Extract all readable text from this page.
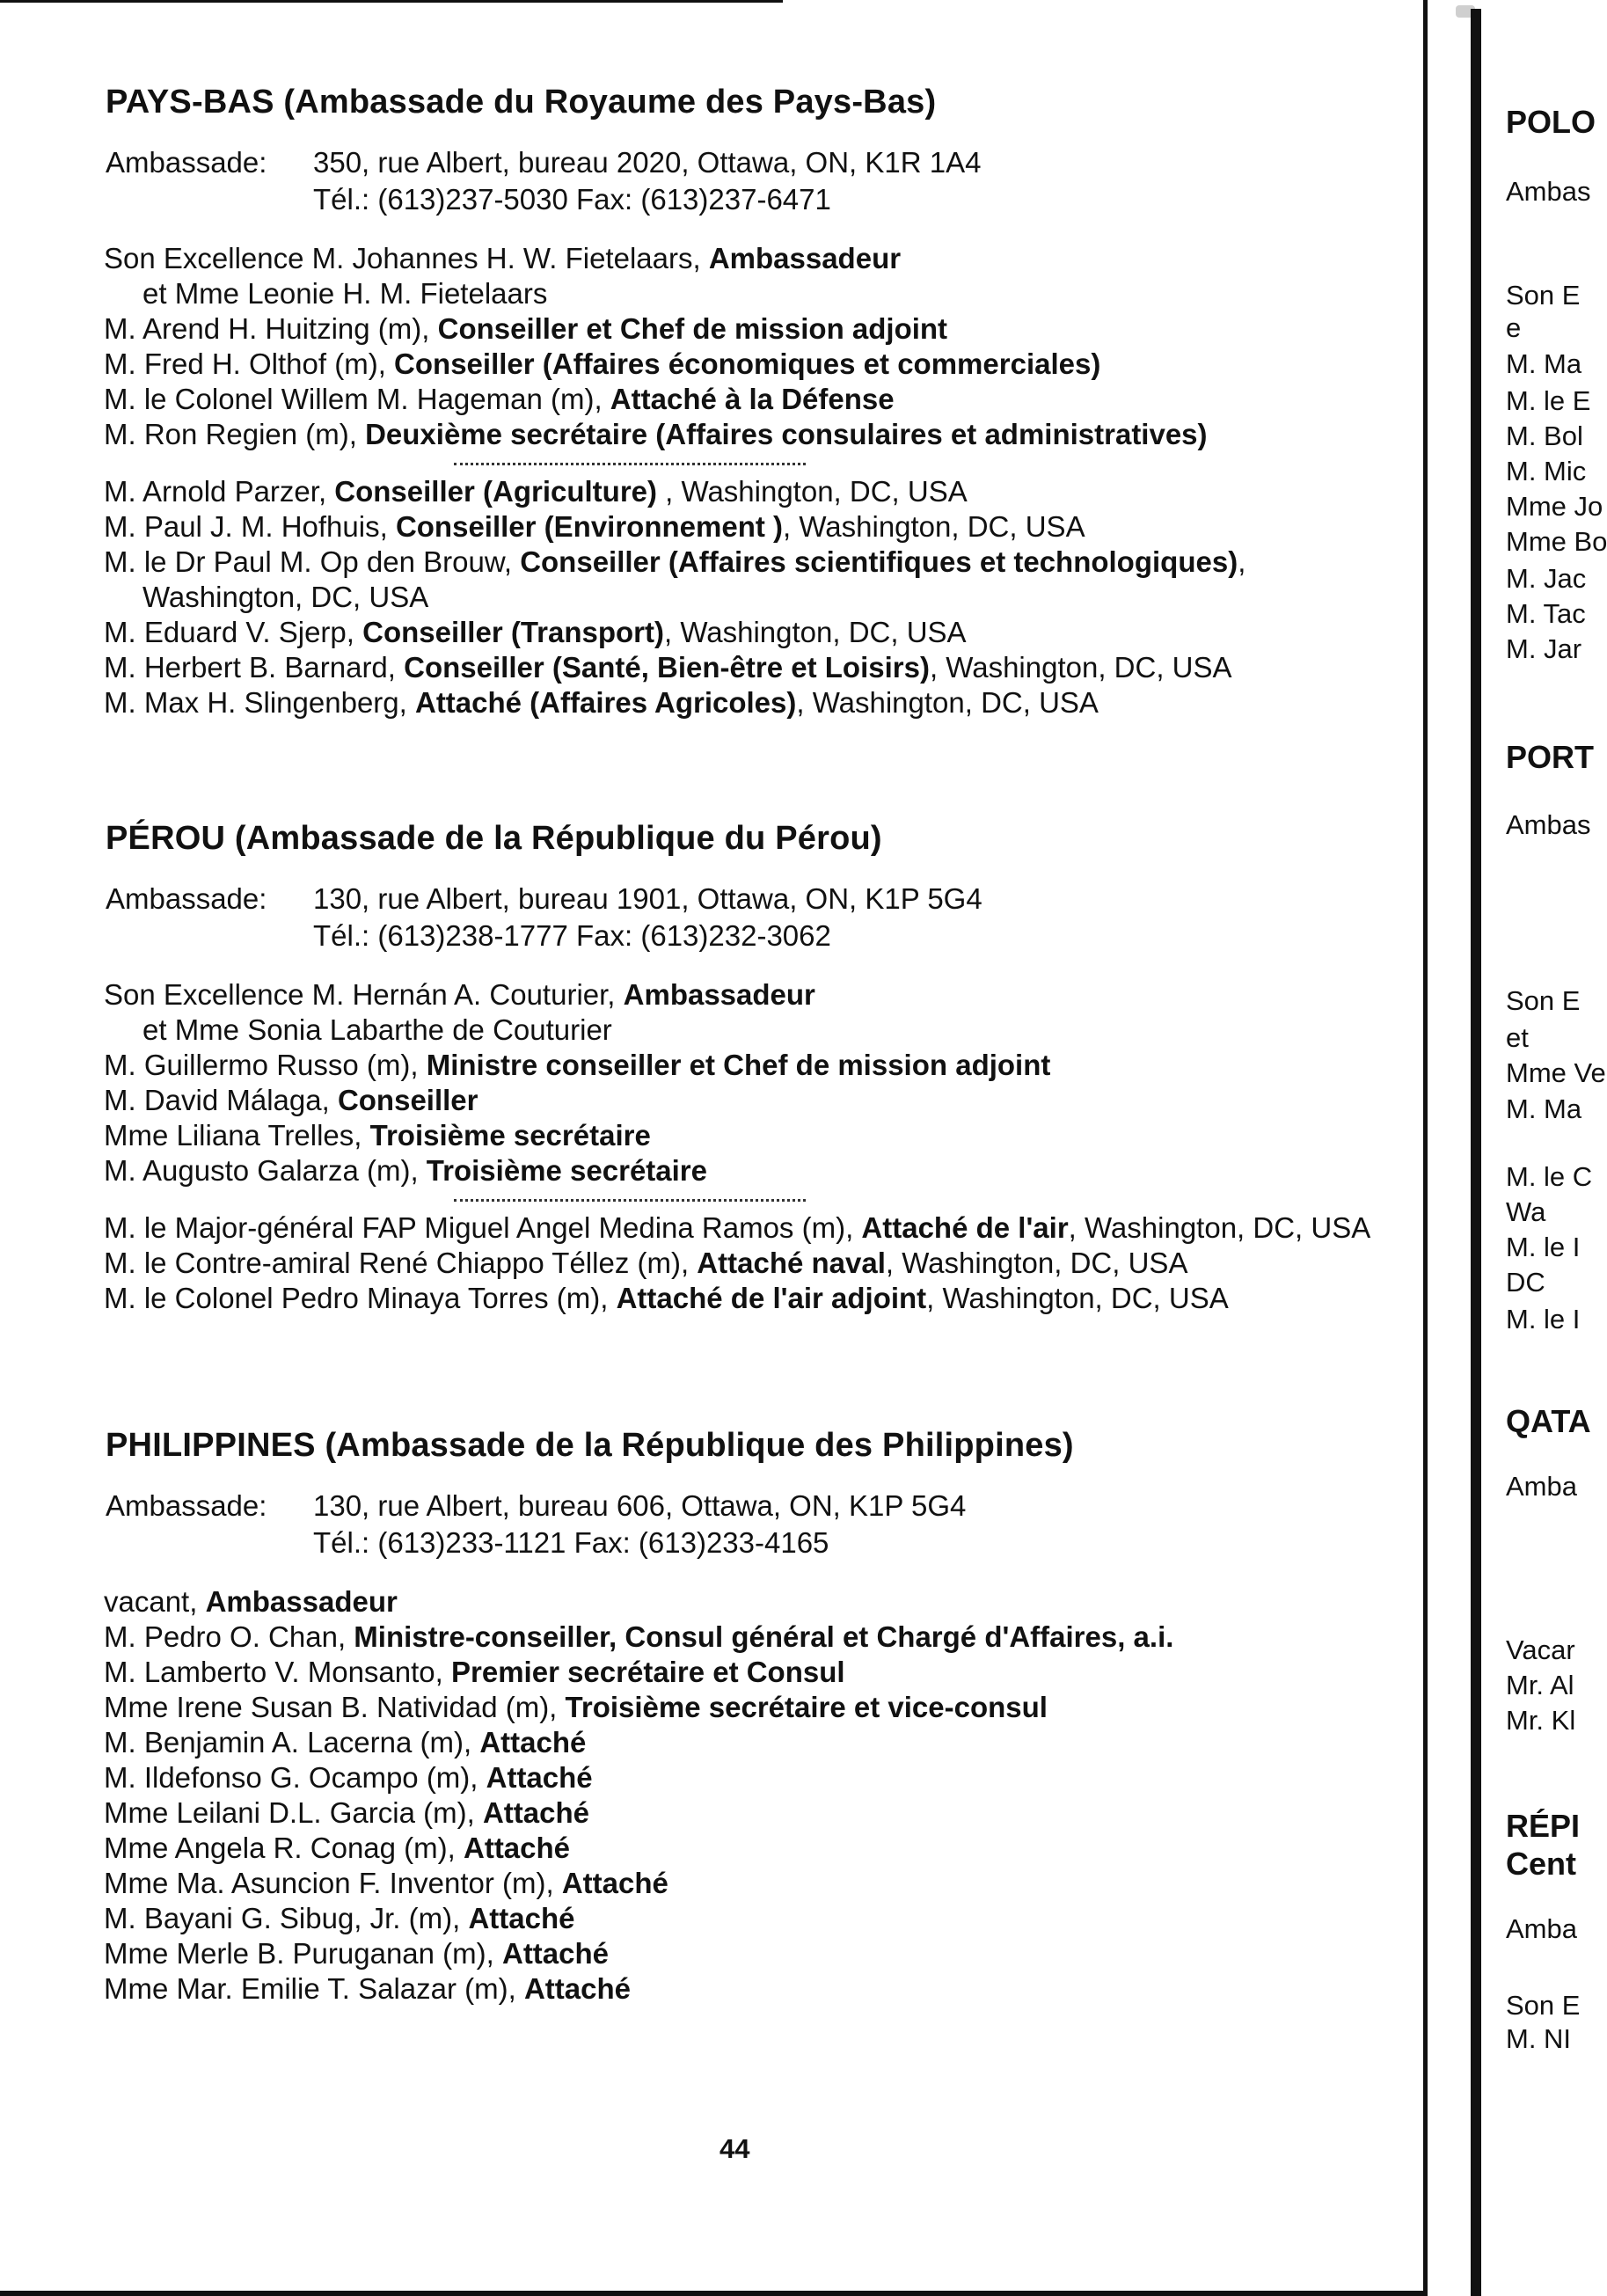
PAYS-BAS (Ambassade du Royaume des Pays-Bas)
Ambassade:	350, rue Albert, bureau 2020, Ottawa, ON, K1R 1A4
Tél.: (613)237-5030 Fax: (613)237-6471
Son Excellence M. Johannes H. W. Fietelaars, Ambassadeur
et Mme Leonie H. M. Fietelaars
M. Arend H. Huitzing (m), Conseiller et Chef de mission adjoint
M. Fred H. Olthof (m), Conseiller (Affaires économiques et commerciales)
M. le Colonel Willem M. Hageman (m), Attaché à la Défense
M. Ron Regien (m), Deuxième secrétaire (Affaires consulaires et administratives)
M. Arnold Parzer, Conseiller (Agriculture) , Washington, DC, USA
M. Paul J. M. Hofhuis, Conseiller (Environnement ), Washington, DC, USA
M. le Dr Paul M. Op den Brouw, Conseiller (Affaires scientifiques et technologiques),
Washington, DC, USA
M. Eduard V. Sjerp, Conseiller (Transport), Washington, DC, USA
M. Herbert B. Barnard, Conseiller (Santé, Bien-être et Loisirs), Washington, DC, USA
M. Max H. Slingenberg, Attaché (Affaires Agricoles), Washington, DC, USA
PÉROU (Ambassade de la République du Pérou)
Ambassade:	130, rue Albert, bureau 1901, Ottawa, ON, K1P 5G4
Tél.: (613)238-1777 Fax: (613)232-3062
Son Excellence M. Hernán A. Couturier, Ambassadeur
et Mme Sonia Labarthe de Couturier
M. Guillermo Russo (m), Ministre conseiller et Chef de mission adjoint
M. David Málaga, Conseiller
Mme Liliana Trelles, Troisième secrétaire
M. Augusto Galarza (m), Troisième secrétaire
M. le Major-général FAP Miguel Angel Medina Ramos (m), Attaché de l'air, Washington, DC, USA
M. le Contre-amiral René Chiappo Téllez (m), Attaché naval, Washington, DC, USA
M. le Colonel Pedro Minaya Torres (m), Attaché de l'air adjoint, Washington, DC, USA
PHILIPPINES (Ambassade de la République des Philippines)
Ambassade:	130, rue Albert, bureau 606, Ottawa, ON, K1P 5G4
Tél.: (613)233-1121 Fax: (613)233-4165
vacant, Ambassadeur
M. Pedro O. Chan, Ministre-conseiller, Consul général et Chargé d'Affaires, a.i.
M. Lamberto V. Monsanto, Premier secrétaire et Consul
Mme Irene Susan B. Natividad (m), Troisième secrétaire et vice-consul
M. Benjamin A. Lacerna (m), Attaché
M. Ildefonso G. Ocampo (m), Attaché
Mme Leilani D.L. Garcia (m), Attaché
Mme Angela R. Conag (m), Attaché
Mme Ma. Asuncion F. Inventor (m), Attaché
M. Bayani G. Sibug, Jr. (m), Attaché
Mme Merle B. Puruganan (m), Attaché
Mme Mar. Emilie T. Salazar (m), Attaché
44
POLO
Ambas
Son E
e
M. Ma
M. le E
M. Bol
M. Mic
Mme Jo
Mme Bo
M. Jac
M. Tac
M. Jar
PORT
Ambas
Son E
et
Mme Ve
M. Ma
M. le C
Wa
M. le I
DC
M. le I
QATA
Amba
Vacar
Mr. Al
Mr. Kl
RÉPI
Cent
Amba
Son E
M. NI
